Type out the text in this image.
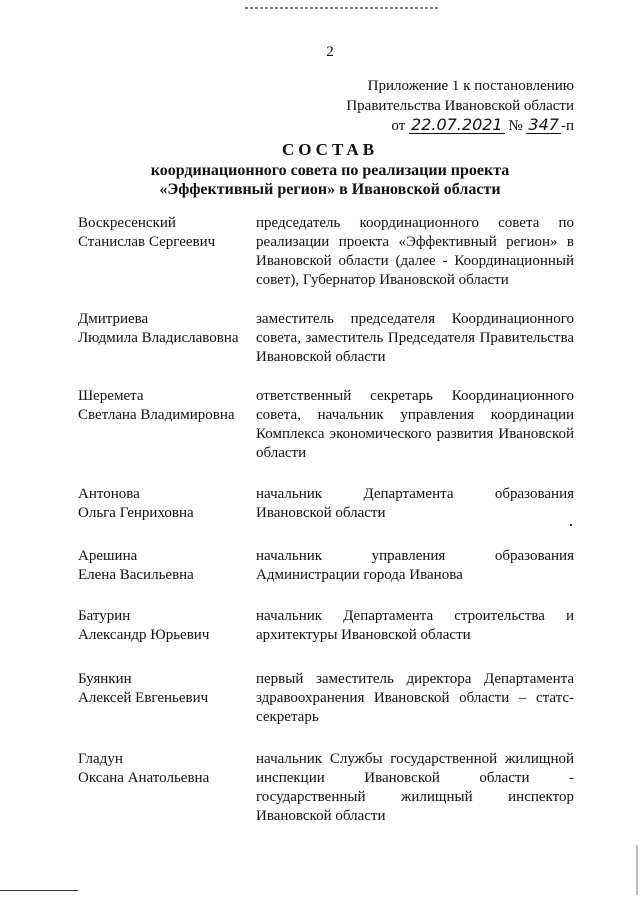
2
Приложение 1 к постановлению
Правительства Ивановской области
от 22.07.2021 № 347 -п
СОСТАВ
координационного совета по реализации проекта
«Эффективный регион» в Ивановской области
Воскресенский
Станислав Сергеевич
председатель координационного совета по реализации проекта «Эффективный регион» в Ивановской области (далее - Координационный совет), Губернатор Ивановской области
Дмитриева
Людмила Владиславовна
заместитель председателя Координационного совета, заместитель Председателя Правительства Ивановской области
Шеремета
Светлана Владимировна
ответственный секретарь Координационного совета, начальник управления координации Комплекса экономического развития Ивановской области
Антонова
Ольга Генриховна
начальник Департамента образования Ивановской области
Арешина
Елена Васильевна
начальник управления образования Администрации города Иванова
Батурин
Александр Юрьевич
начальник Департамента строительства и архитектуры Ивановской области
Буянкин
Алексей Евгеньевич
первый заместитель директора Департамента здравоохранения Ивановской области – статс-секретарь
Гладун
Оксана Анатольевна
начальник Службы государственной жилищной инспекции Ивановской области - государственный жилищный инспектор Ивановской области
